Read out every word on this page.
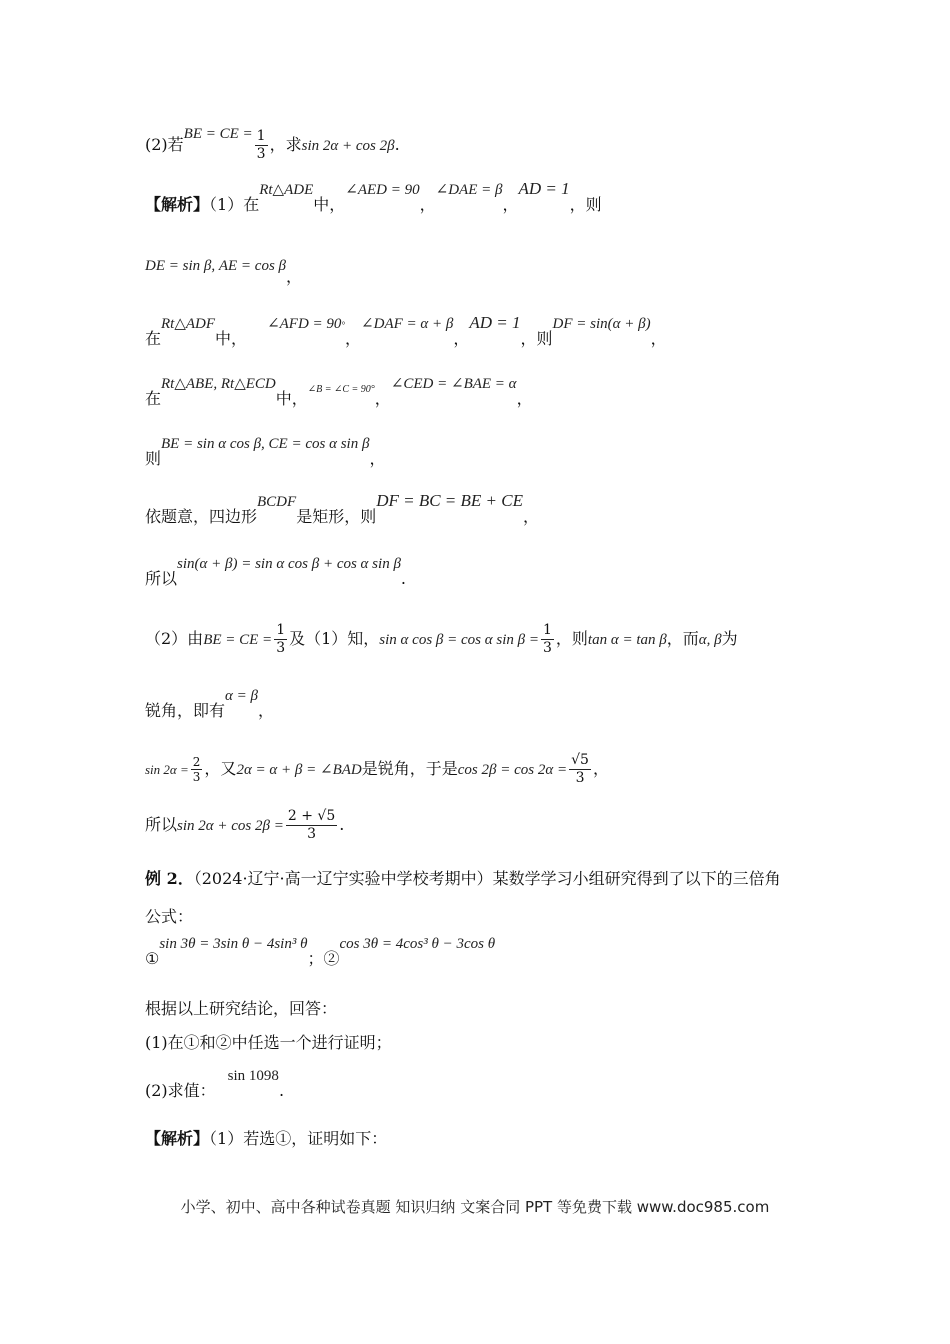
(2)若BE = CE = $\frac{1}{3}$ ，求sin 2α + cos 2β.
【解析】（1）在Rt△ADE中，∠AED = 90，∠DAE = β，AD = 1，则
DE = sin β, AE = cos β，
在Rt△ADF中，∠AFD = 90°，∠DAF = α + β，AD = 1，则DF = sin(α + β)，
在Rt△ABE, Rt△ECD中，$^{\angle B = \angle C = 90^\circ}$，∠CED = ∠BAE = α，
则BE = sin α cos β, CE = cos α sin β，
依题意，四边形BCDF是矩形，则DF = BC = BE + CE，
所以sin(α + β) = sin α cos β + cos α sin β.
（2）由BE = CE = $\frac{1}{3}$ 及（1）知，sin α cos β = cos α $\sin \beta = \frac{1}{3}$ ，则tan α = tan β，而α, β为
锐角，即有α = β，
$\sin 2\alpha = \frac{2}{3}$ ，又2α = α + β = ∠BAD是锐角，于是$\cos 2\beta = \cos 2\alpha = \frac{√5}{3}$ ，
所以$\sin 2\alpha + \cos 2\beta = \frac{2 + √5}{3}$ .
例 2．（2024·辽宁·高一辽宁实验中学校考期中）某数学学习小组研究得到了以下的三倍角
公式：
①sin 3θ = 3sin θ − 4sin³ θ；②cos 3θ = 4cos³ θ − 3cos θ
根据以上研究结论，回答：
(1)在①和②中任选一个进行证明；
(2)求值：sin 1098.
【解析】（1）若选①，证明如下：
小学、初中、高中各种试卷真题 知识归纳 文案合同 PPT 等免费下载 www.doc985.com
